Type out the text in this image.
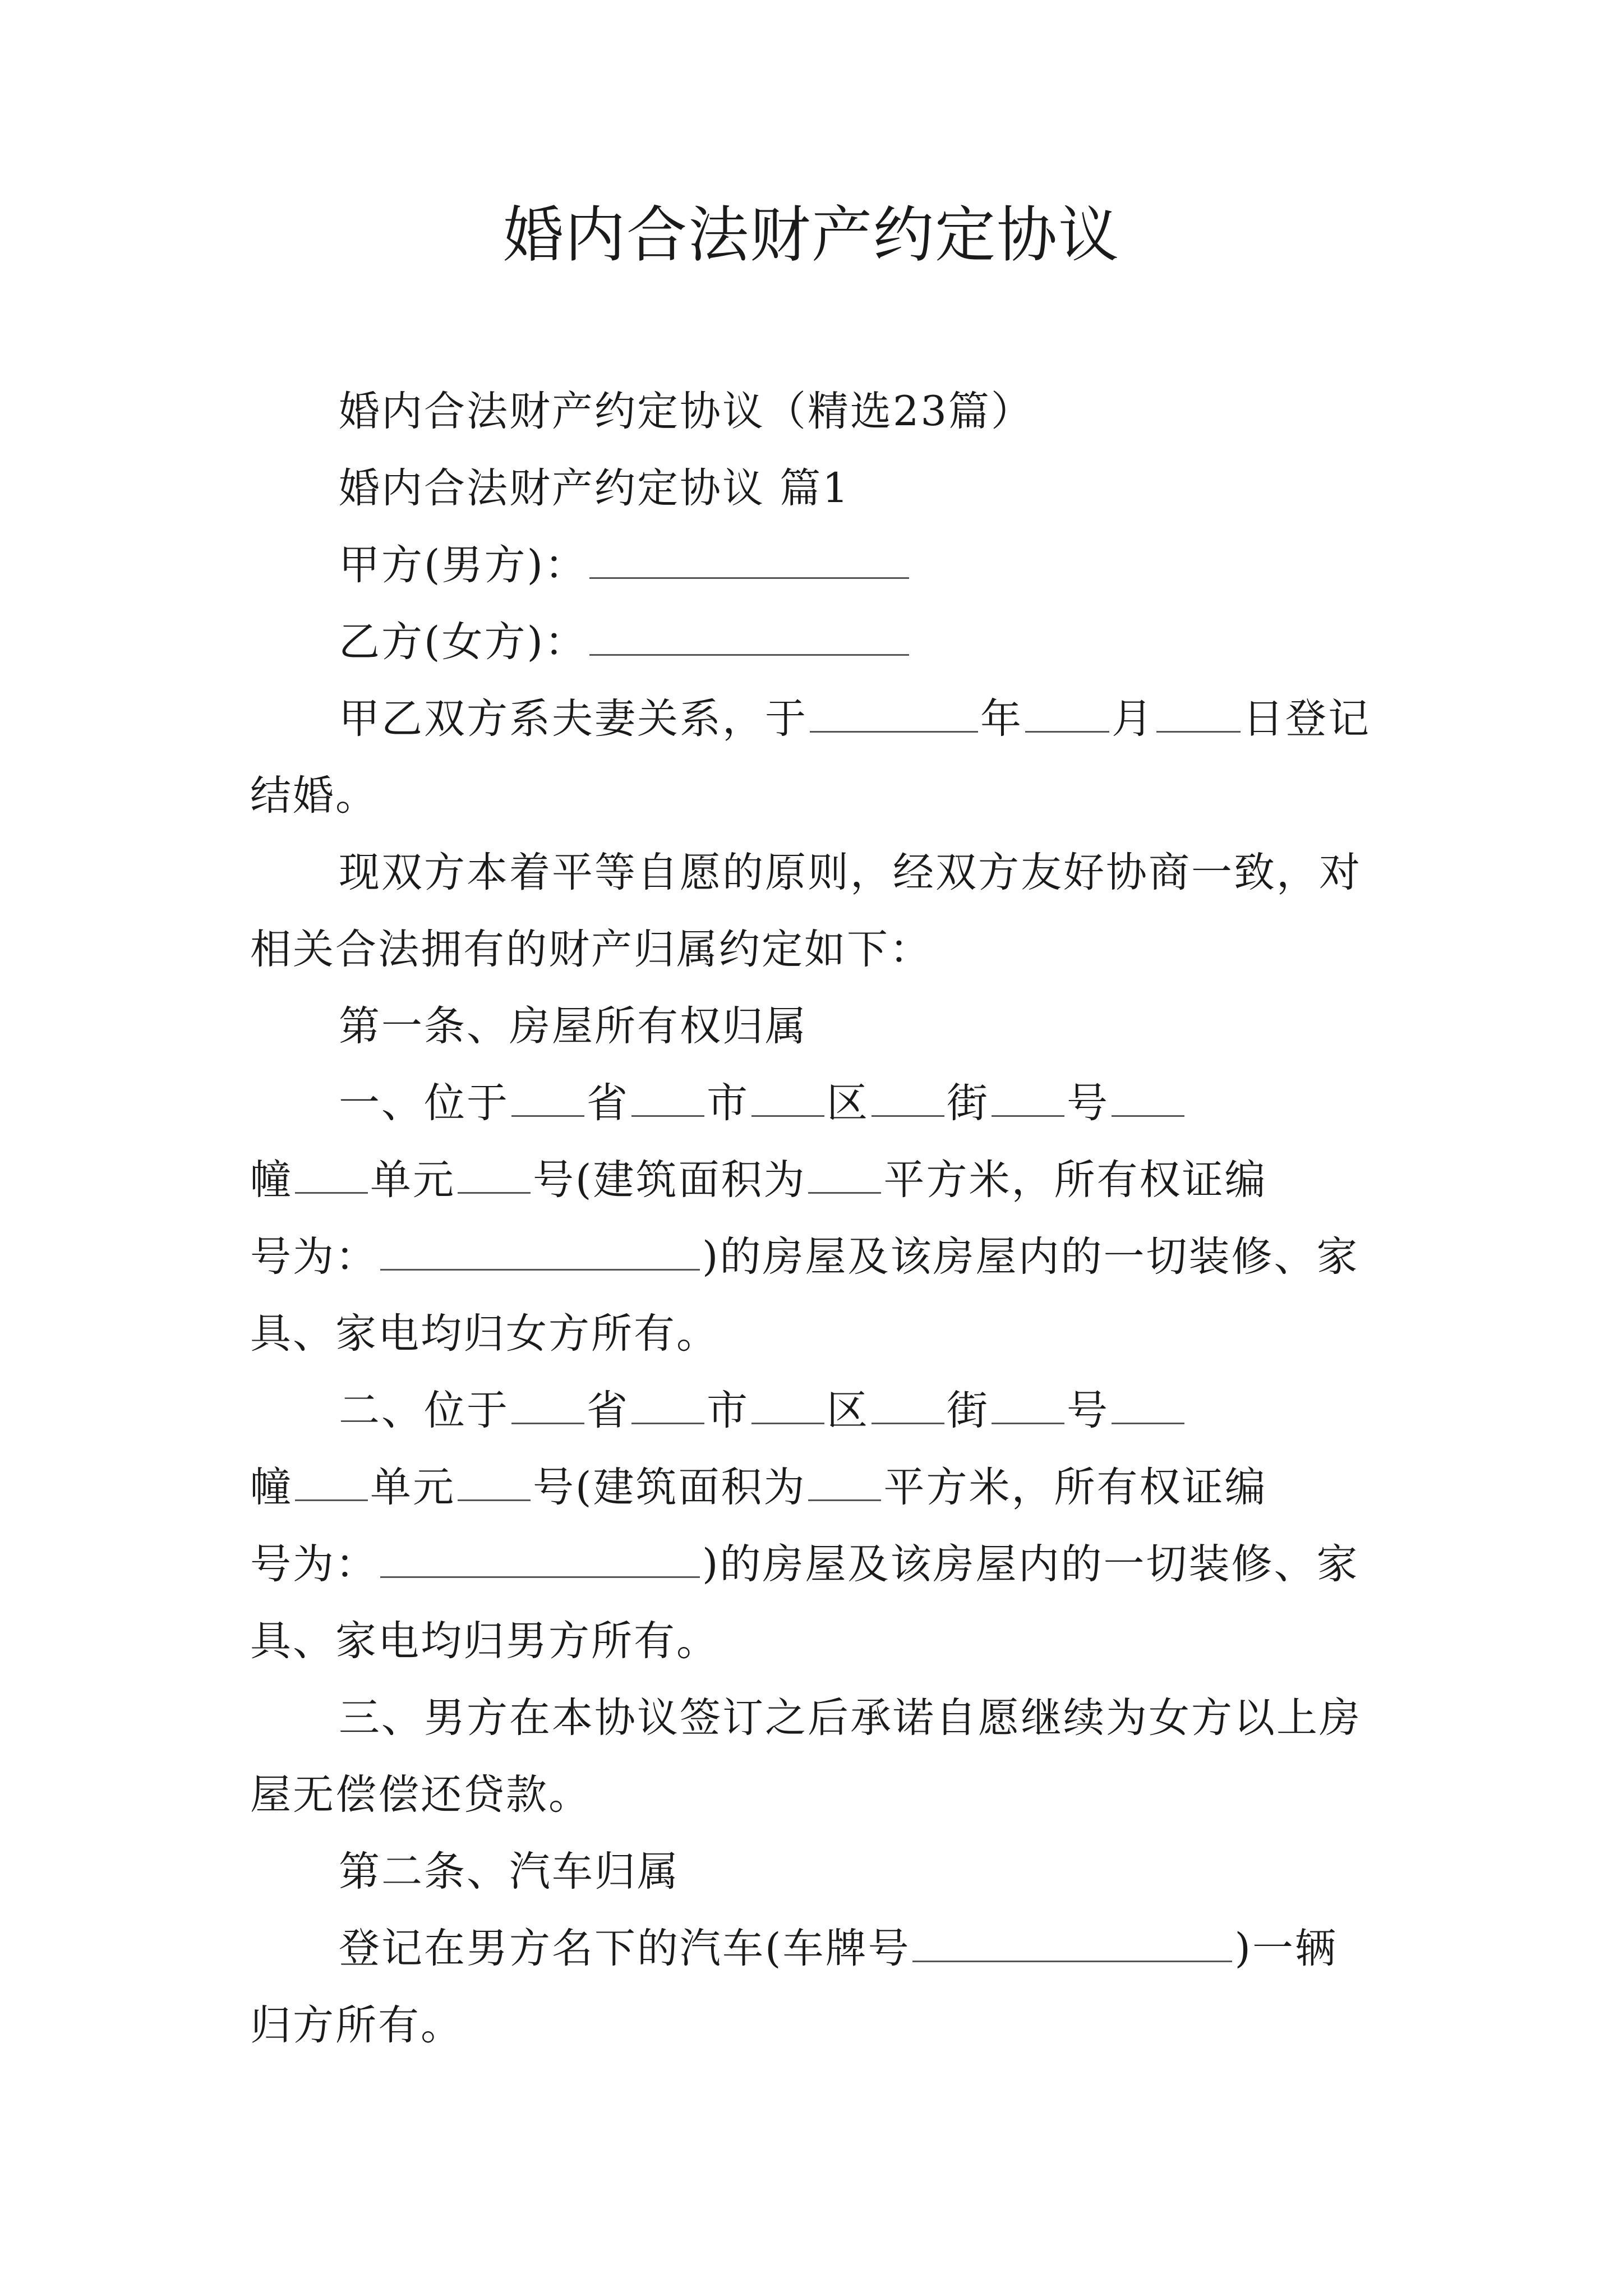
婚内合法财产约定协议
婚内合法财产约定协议（精选23篇）
婚内合法财产约定协议 篇1
甲方(男方)：
乙方(女方)：
甲乙双方系夫妻关系，于	年 月 日登记
结婚。
现双方本着平等自愿的原则，经双方友好协商一致，对
相关合法拥有的财产归属约定如下：
第一条、房屋所有权归属
一、位于 省 市 区 街 号
幢 单元 号(建筑面积为 平方米，所有权证编
号为：	)的房屋及该房屋内的一切装修、家
具、家电均归女方所有。
二、位于 省 市 区 街 号
幢 单元 号(建筑面积为 平方米，所有权证编
号为：	)的房屋及该房屋内的一切装修、家
具、家电均归男方所有。
三、男方在本协议签订之后承诺自愿继续为女方以上房
屋无偿偿还贷款。
第二条、汽车归属
登记在男方名下的汽车(车牌号	)一辆
归方所有。
